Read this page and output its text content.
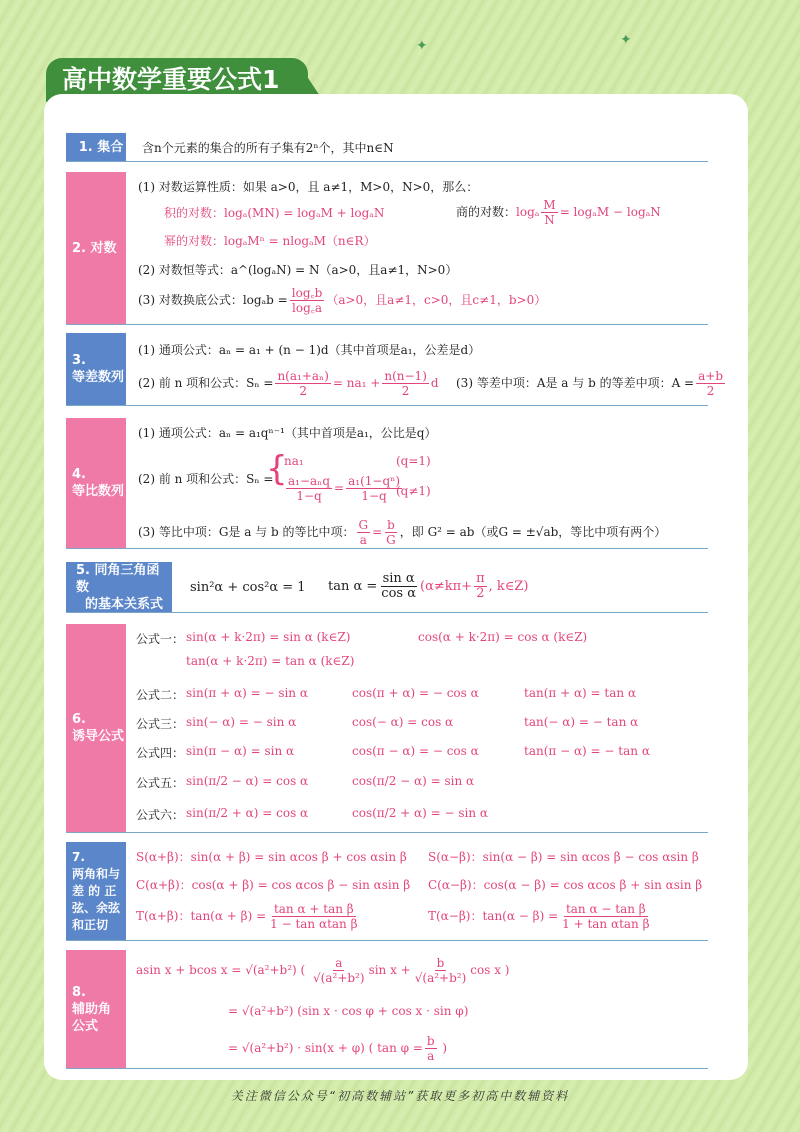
✦	✦
高中数学重要公式1
1. 集合 含n个元素的集合的所有子集有2ⁿ个，其中n∈N
2. 对数
(1) 对数运算性质：如果 a>0，且 a≠1，M>0，N>0，那么：
积的对数：logₐ(MN) = logₐM + logₐN	商的对数：logₐ $\frac{M}{N} = \log_aM - \log_aN$
幂的对数：logₐMⁿ = nlogₐM（n∈R）
(2) 对数恒等式：a^(logₐN) = N（a>0，且a≠1，N>0）
(3) 对数换底公式：$\log_ab = \frac{\log꜀b}{\log꜀a} (a>0$，且a≠1，c>0，且c≠1，b>0）
3.
等差数列
(1) 通项公式：aₙ = a₁ + (n − 1)d（其中首项是a₁，公差是d）
(2) 前 n 项和公式：$S_n = \frac{\text{n(a₁+aₙ)}}{2} = na_1 + \frac{n(n-1)}{2}$ d (3) 等差中项：A是 a 与 b 的等差中项：$A = \frac{a+b}{2}$
4.
等比数列
(1) 通项公式：aₙ = a₁qⁿ⁻¹（其中首项是a₁，公比是q）
(2) 前 n 项和公式：Sₙ =
{
na₁	(q=1)
a₁−aₙq
1−q
= $\frac{\text{a₁(1−qⁿ)}}{1-q}$
(q≠1)
(3) 等比中项：G是 a 与 b 的等比中项： $\frac{G}{a} = \frac{b}{G}$ ，即 G² = ab（或G = ±√ab，等比中项有两个）
5. 同角三角函数
的基本关系式
sin²α + cos²α = 1 $\tan \alpha = \frac{\text{sin α}}{\text{cos α}} (\alpha\ne k\pi+ \frac{\pi}{2}$ , k∈Z)
6.
诱导公式
公式一： sin(α + k·2π) = sin α (k∈Z)	cos(α + k·2π) = cos α (k∈Z)
tan(α + k·2π) = tan α (k∈Z)
公式二： sin(π + α) = − sin α	cos(π + α) = − cos α	tan(π + α) = tan α
公式三： sin(− α) = − sin α	cos(− α) = cos α	tan(− α) = − tan α
公式四： sin(π − α) = sin α	cos(π − α) = − cos α	tan(π − α) = − tan α
公式五： sin(π/2 − α) = cos α	cos(π/2 − α) = sin α
公式六： sin(π/2 + α) = cos α	cos(π/2 + α) = − sin α
7.
两角和与
差 的 正
弦、余弦
和正切
S(α+β)：sin(α + β) = sin αcos β + cos αsin β S(α−β)：sin(α − β) = sin αcos β − cos αsin β
C(α+β)：cos(α + β) = cos αcos β − sin αsin β C(α−β)：cos(α − β) = cos αcos β + sin αsin β
T(α+β)：$\tan(\alpha + \beta) = \frac{\text{tan α + tan β}}{\text{1 − tan αtan β}}$	T(α−β)：$\tan(\alpha - \beta) = \frac{\text{tan α − tan β}}{\text{1 + tan αtan β}}$
8.
辅助角
公式
asin x + bcos x = √(a²+b²) ( $\frac{a}{\text{√(a²+b²)}}$ $\sin x + \frac{b}{\text{√(a²+b²)}}$ cos x )
= √(a²+b²) (sin x · cos φ + cos x · sin φ)
= √(a²+b²) · sin(x + φ) ( $\tan \varphi = \frac{b}{a}$ )
关注微信公众号“初高数辅站”获取更多初高中数辅资料
